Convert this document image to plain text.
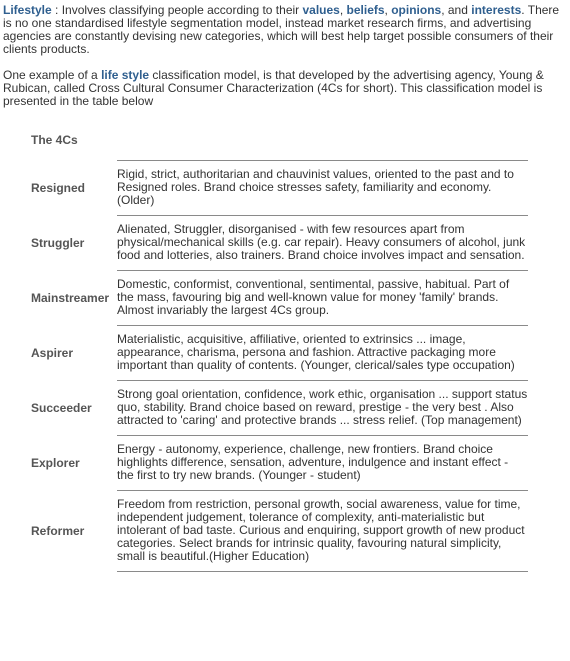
Lifestyle : Involves classifying people according to their values, beliefs, opinions, and interests. There is no one standardised lifestyle segmentation model, instead market research firms, and advertising agencies are constantly devising new categories, which will best help target possible consumers of their clients products.

One example of a life style classification model, is that developed by the advertising agency, Young & Rubican, called Cross Cultural Consumer Characterization (4Cs for short). This classification model is presented in the table below

The 4Cs	
Resigned	Rigid, strict, authoritarian and chauvinist values, oriented to the past and to Resigned roles. Brand choice stresses safety, familiarity and economy. (Older)
Struggler	Alienated, Struggler, disorganised - with few resources apart from physical/mechanical skills (e.g. car repair). Heavy consumers of alcohol, junk food and lotteries, also trainers. Brand choice involves impact and sensation.
Mainstreamer	Domestic, conformist, conventional, sentimental, passive, habitual. Part of the mass, favouring big and well-known value for money 'family' brands. Almost invariably the largest 4Cs group.
Aspirer	Materialistic, acquisitive, affiliative, oriented to extrinsics ... image, appearance, charisma, persona and fashion. Attractive packaging more important than quality of contents. (Younger, clerical/sales type occupation)
Succeeder	Strong goal orientation, confidence, work ethic, organisation ... support status quo, stability. Brand choice based on reward, prestige - the very best . Also attracted to 'caring' and protective brands ... stress relief. (Top management)
Explorer	Energy - autonomy, experience, challenge, new frontiers. Brand choice highlights difference, sensation, adventure, indulgence and instant effect - the first to try new brands. (Younger - student)
Reformer	Freedom from restriction, personal growth, social awareness, value for time, independent judgement, tolerance of complexity, anti-materialistic but intolerant of bad taste. Curious and enquiring, support growth of new product categories. Select brands for intrinsic quality, favouring natural simplicity, small is beautiful.(Higher Education)
